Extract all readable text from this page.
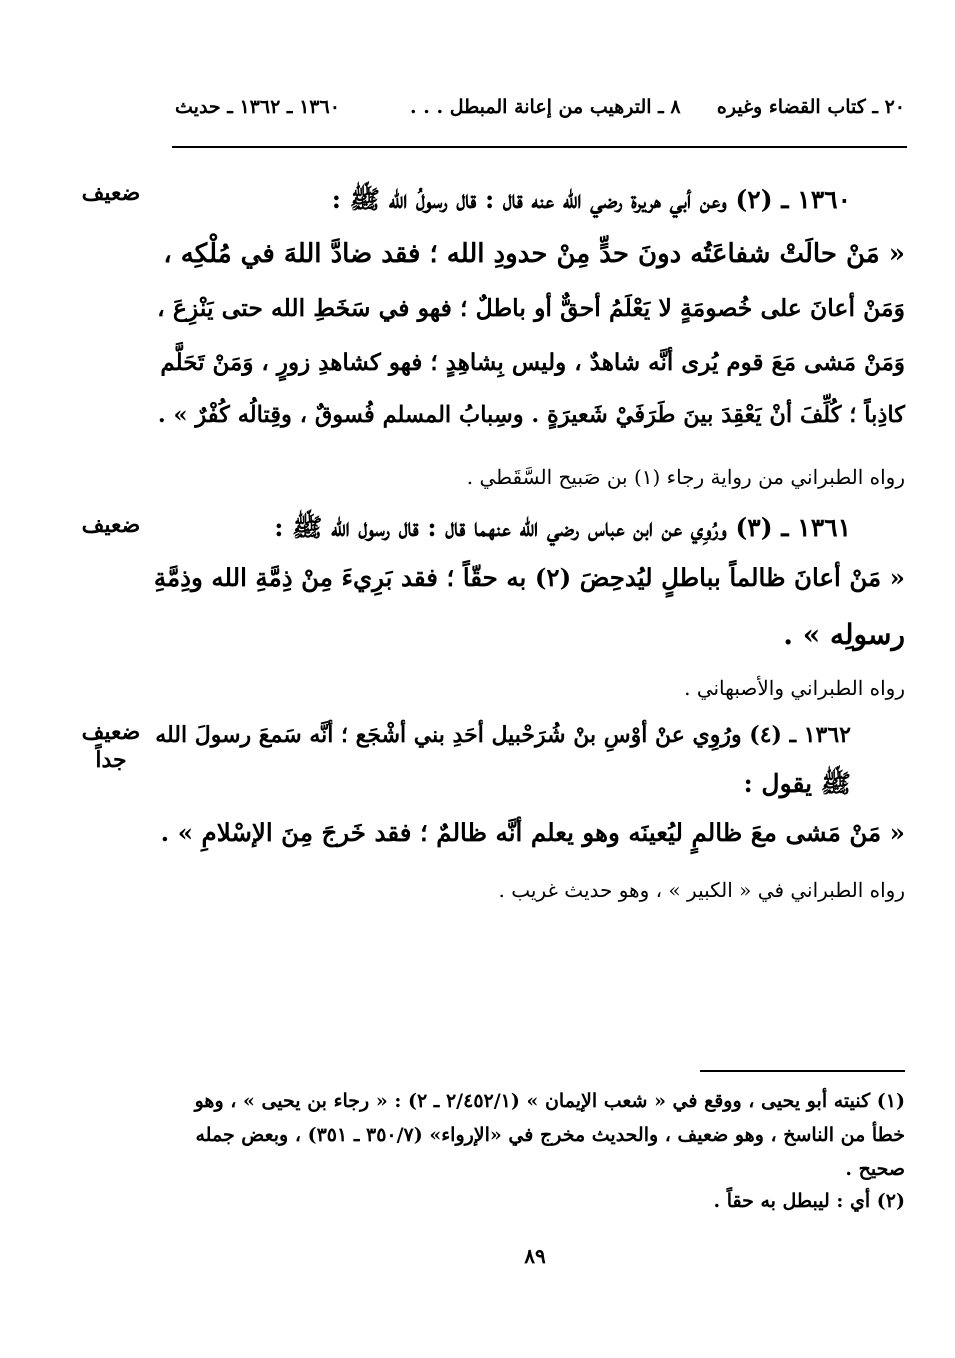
٢٠ ـ كتاب القضاء وغيره
٨ ـ الترهيب من إعانة المبطل . . .
١٣٦٠ ـ ١٣٦٢ ـ حديث
ضعيف	١٣٦٠ ـ (٢) وعن أبي هريرة رضي الله عنه قال : قال رسولُ الله ﷺ :
« مَنْ حالَتْ شفاعَتُه دونَ حدٍّ مِنْ حدودِ الله ؛ فقد ضادَّ اللهَ في مُلْكِه ،
وَمَنْ أعانَ على خُصومَةٍ لا يَعْلَمُ أحقٌّ أو باطلٌ ؛ فهو في سَخَطِ الله حتى يَنْزِعَ ،
وَمَنْ مَشى مَعَ قوم يُرى أنَّه شاهدٌ ، وليس بِشاهِدٍ ؛ فهو كشاهدِ زورٍ ، وَمَنْ تَحَلَّم
كاذِباً ؛ كُلِّفَ أنْ يَعْقِدَ بينَ طَرَفَيْ شَعيرَةٍ . وسِبابُ المسلم فُسوقٌ ، وقِتالُه كُفْرٌ » .
رواه الطبراني من رواية رجاء (١) بن صَبيح السَّقَطي .
ضعيف	١٣٦١ ـ (٣) ورُوِي عن ابن عباس رضي الله عنهما قال : قال رسول الله ﷺ :
« مَنْ أعانَ ظالماً بباطلٍ ليُدحِضَ (٢) به حقّاً ؛ فقد بَرِيءَ مِنْ ذِمَّةِ الله وذِمَّةِ
رسولِه » .
رواه الطبراني والأصبهاني .
ضعيف جداً
١٣٦٢ ـ (٤) ورُوِي عنْ أوْسِ بنْ شُرَحْبيل أحَدِ بني أشْجَع ؛ أنَّه سَمعَ رسولَ الله
ﷺ يقول :
« مَنْ مَشى معَ ظالمٍ ليُعينَه وهو يعلم أنَّه ظالمٌ ؛ فقد خَرجَ مِنَ الإسْلامِ » .
رواه الطبراني في « الكبير » ، وهو حديث غريب .
(١) كنيته أبو يحيى ، ووقع في « شعب الإيمان » (٢/٤٥٢/١ ـ ٢) : « رجاء بن يحيى » ، وهو
خطأ من الناسخ ، وهو ضعيف ، والحديث مخرج في «الإرواء» (٣٥٠/٧ ـ ٣٥١) ، وبعض جمله
صحيح .
(٢) أي : ليبطل به حقاً .
٨٩
